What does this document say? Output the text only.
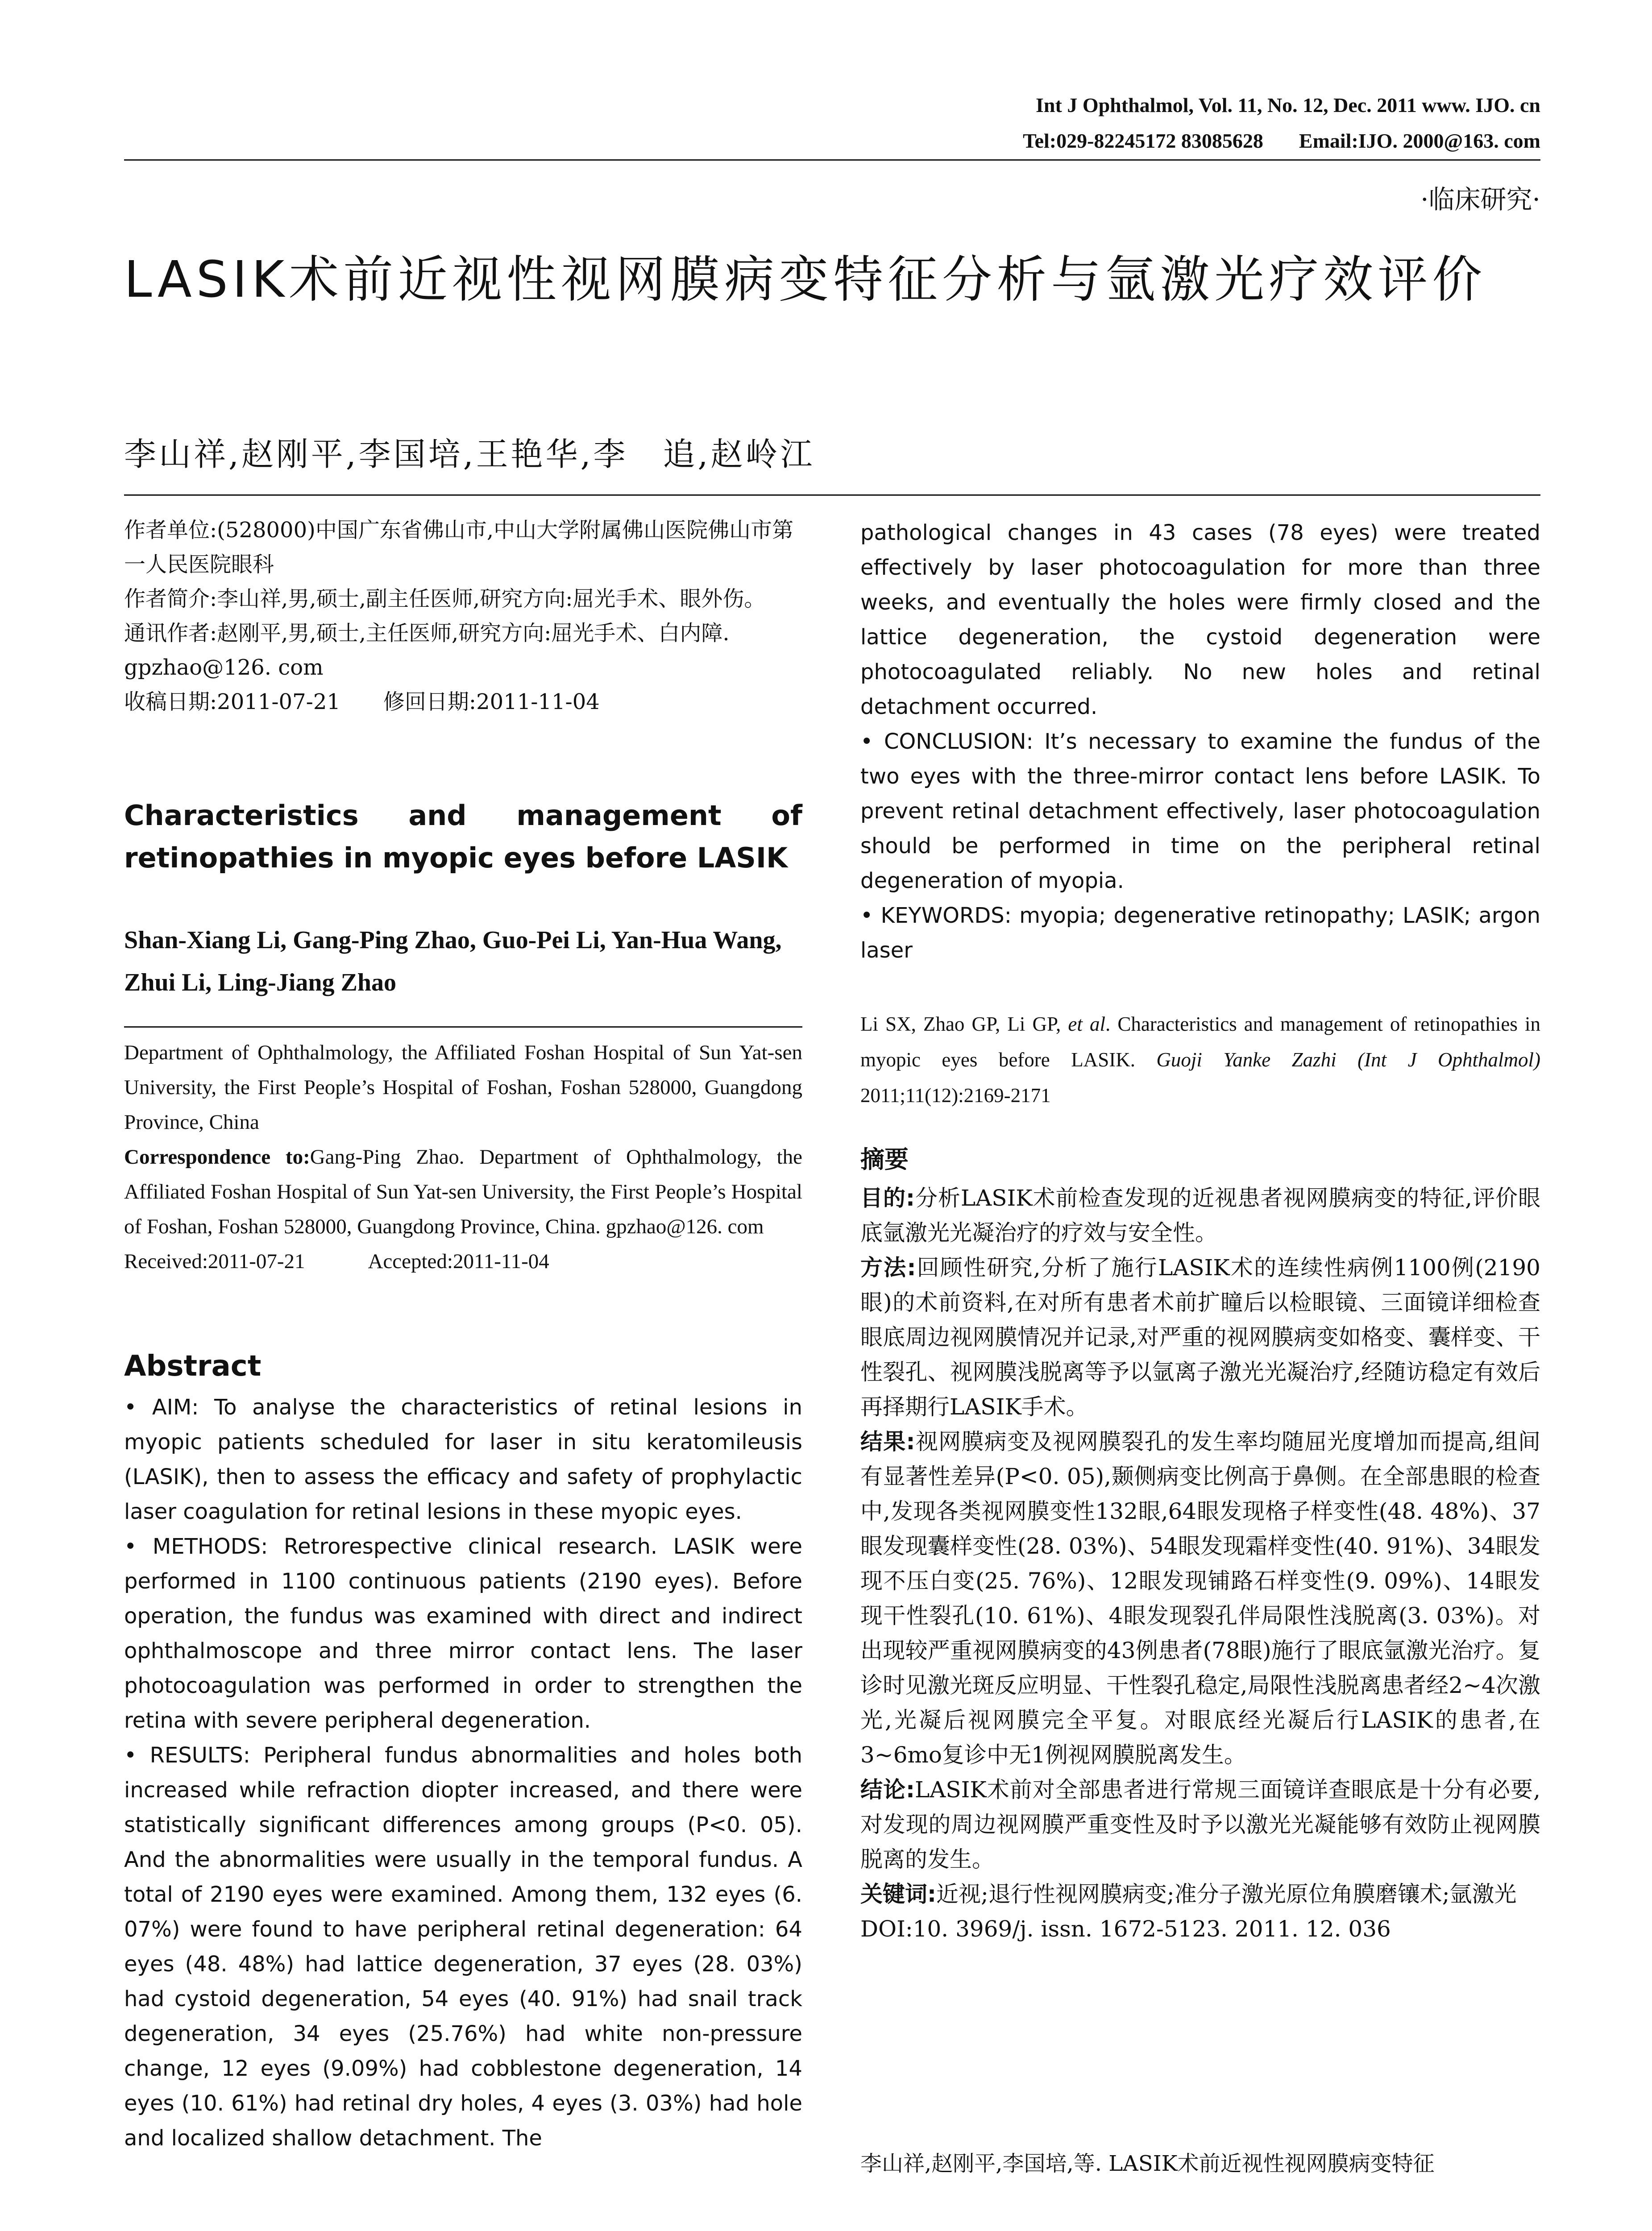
Int J Ophthalmol, Vol. 11, No. 12, Dec. 2011 www. IJO. cn
Tel:029-82245172 83085628 Email:IJO. 2000@163. com
·临床研究·
LASIK术前近视性视网膜病变特征分析与氩激光疗效评价
李山祥,赵刚平,李国培,王艳华,李　追,赵岭江

作者单位:(528000)中国广东省佛山市,中山大学附属佛山医院佛山市第一人民医院眼科

作者简介:李山祥,男,硕士,副主任医师,研究方向:屈光手术、眼外伤。

通讯作者:赵刚平,男,硕士,主任医师,研究方向:屈光手术、白内障. gpzhao@126. com

收稿日期:2011-07-21　　修回日期:2011-11-04

Characteristics and management of retinopathies in myopic eyes before LASIK
Shan-Xiang Li, Gang-Ping Zhao, Guo-Pei Li, Yan-Hua Wang, Zhui Li, Ling-Jiang Zhao

Department of Ophthalmology, the Affiliated Foshan Hospital of Sun Yat-sen University, the First People’s Hospital of Foshan, Foshan 528000, Guangdong Province, China

Correspondence to:Gang-Ping Zhao. Department of Ophthalmology, the Affiliated Foshan Hospital of Sun Yat-sen University, the First People’s Hospital of Foshan, Foshan 528000, Guangdong Province, China. gpzhao@126. com

Received:2011-07-21　　　Accepted:2011-11-04

Abstract

• AIM: To analyse the characteristics of retinal lesions in myopic patients scheduled for laser in situ keratomileusis (LASIK), then to assess the efficacy and safety of prophylactic laser coagulation for retinal lesions in these myopic eyes.

• METHODS: Retrorespective clinical research. LASIK were performed in 1100 continuous patients (2190 eyes). Before operation, the fundus was examined with direct and indirect ophthalmoscope and three mirror contact lens. The laser photocoagulation was performed in order to strengthen the retina with severe peripheral degeneration.

• RESULTS: Peripheral fundus abnormalities and holes both increased while refraction diopter increased, and there were statistically significant differences among groups (P<0. 05). And the abnormalities were usually in the temporal fundus. A total of 2190 eyes were examined. Among them, 132 eyes (6. 07%) were found to have peripheral retinal degeneration: 64 eyes (48. 48%) had lattice degeneration, 37 eyes (28. 03%) had cystoid degeneration, 54 eyes (40. 91%) had snail track degeneration, 34 eyes (25.76%) had white non-pressure change, 12 eyes (9.09%) had cobblestone degeneration, 14 eyes (10. 61%) had retinal dry holes, 4 eyes (3. 03%) had hole and localized shallow detachment. The

pathological changes in 43 cases (78 eyes) were treated effectively by laser photocoagulation for more than three weeks, and eventually the holes were firmly closed and the lattice degeneration, the cystoid degeneration were photocoagulated reliably. No new holes and retinal detachment occurred.

• CONCLUSION: It’s necessary to examine the fundus of the two eyes with the three-mirror contact lens before LASIK. To prevent retinal detachment effectively, laser photocoagulation should be performed in time on the peripheral retinal degeneration of myopia.

• KEYWORDS: myopia; degenerative retinopathy; LASIK; argon laser

Li SX, Zhao GP, Li GP, et al. Characteristics and management of retinopathies in myopic eyes before LASIK. Guoji Yanke Zazhi (Int J Ophthalmol) 2011;11(12):2169-2171

摘要

目的:分析LASIK术前检查发现的近视患者视网膜病变的特征,评价眼底氩激光光凝治疗的疗效与安全性。

方法:回顾性研究,分析了施行LASIK术的连续性病例1100例(2190眼)的术前资料,在对所有患者术前扩瞳后以检眼镜、三面镜详细检查眼底周边视网膜情况并记录,对严重的视网膜病变如格变、囊样变、干性裂孔、视网膜浅脱离等予以氩离子激光光凝治疗,经随访稳定有效后再择期行LASIK手术。

结果:视网膜病变及视网膜裂孔的发生率均随屈光度增加而提高,组间有显著性差异(P<0. 05),颞侧病变比例高于鼻侧。在全部患眼的检查中,发现各类视网膜变性132眼,64眼发现格子样变性(48. 48%)、37眼发现囊样变性(28. 03%)、54眼发现霜样变性(40. 91%)、34眼发现不压白变(25. 76%)、12眼发现铺路石样变性(9. 09%)、14眼发现干性裂孔(10. 61%)、4眼发现裂孔伴局限性浅脱离(3. 03%)。对出现较严重视网膜病变的43例患者(78眼)施行了眼底氩激光治疗。复诊时见激光斑反应明显、干性裂孔稳定,局限性浅脱离患者经2~4次激光,光凝后视网膜完全平复。对眼底经光凝后行LASIK的患者,在3~6mo复诊中无1例视网膜脱离发生。

结论:LASIK术前对全部患者进行常规三面镜详查眼底是十分有必要,对发现的周边视网膜严重变性及时予以激光光凝能够有效防止视网膜脱离的发生。

关键词:近视;退行性视网膜病变;准分子激光原位角膜磨镶术;氩激光

DOI:10. 3969/j. issn. 1672-5123. 2011. 12. 036

李山祥,赵刚平,李国培,等. LASIK术前近视性视网膜病变特征
